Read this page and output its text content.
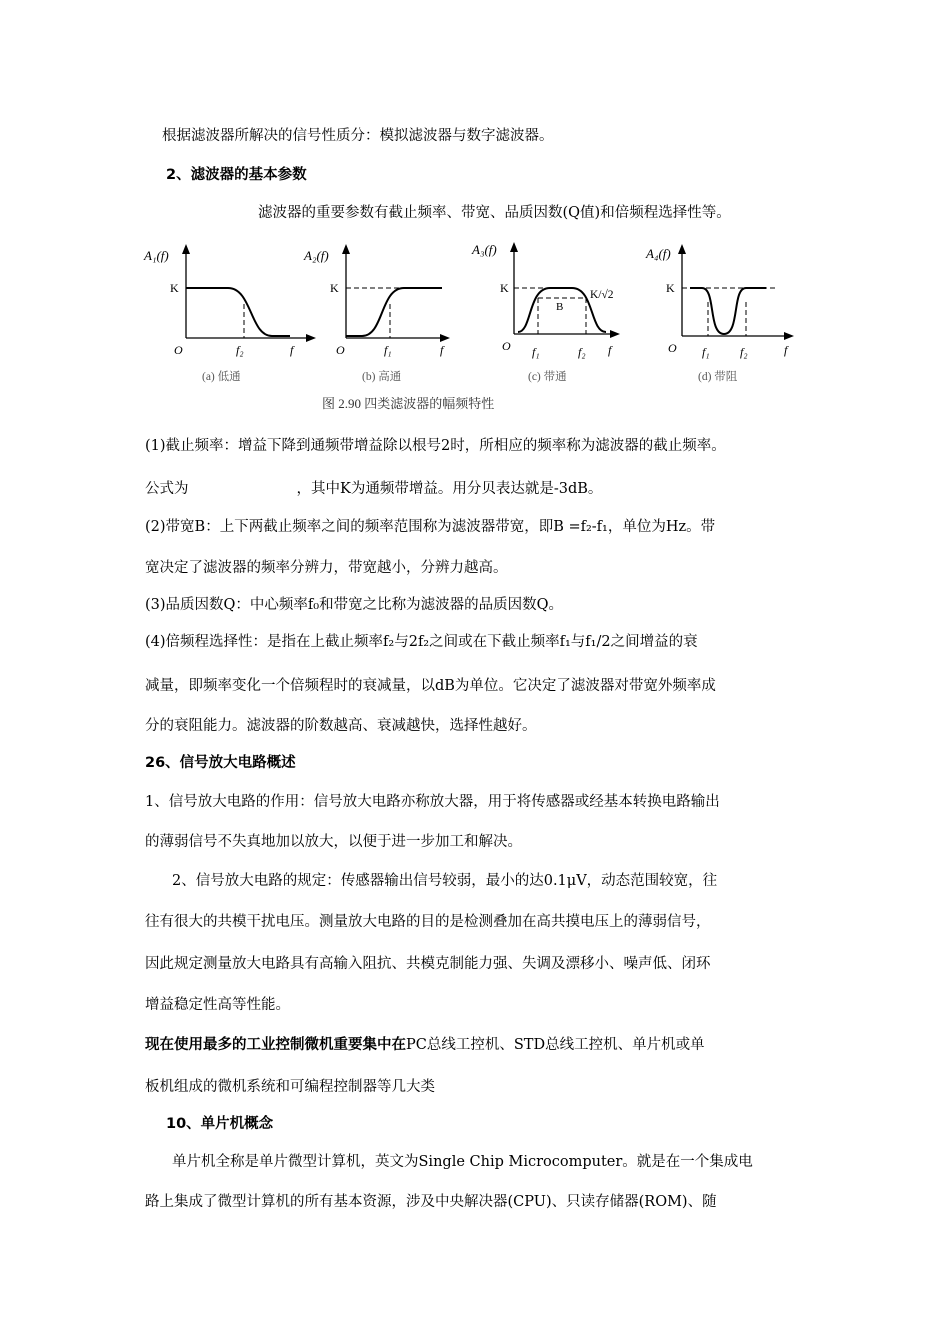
根据滤波器所解决的信号性质分：模拟滤波器与数字滤波器。
2、滤波器的基本参数
滤波器的重要参数有截止频率、带宽、品质因数(Q值)和倍频程选择性等。
A₁(f)
K
O	f₂	f
(a) 低通
A₂(f)
K
O	f₁	f
(b) 高通
A₃(f)
K
B
K/√2
O f₁	f₂ f
(c) 带通
A₄(f)
K
O f₁	f₂	f
(d) 带阻
图 2.90 四类滤波器的幅频特性
(1)截止频率：增益下降到通频带增益除以根号2时，所相应的频率称为滤波器的截止频率。
公式为	，其中K为通频带增益。用分贝表达就是-3dB。
(2)带宽B：上下两截止频率之间的频率范围称为滤波器带宽，即B =f₂-f₁，单位为Hz。带
宽决定了滤波器的频率分辨力，带宽越小，分辨力越高。
(3)品质因数Q：中心频率f₀和带宽之比称为滤波器的品质因数Q。
(4)倍频程选择性：是指在上截止频率f₂与2f₂之间或在下截止频率f₁与f₁/2之间增益的衰
减量，即频率变化一个倍频程时的衰减量，以dB为单位。它决定了滤波器对带宽外频率成
分的衰阻能力。滤波器的阶数越高、衰减越快，选择性越好。
26、信号放大电路概述
1、信号放大电路的作用：信号放大电路亦称放大器，用于将传感器或经基本转换电路输出
的薄弱信号不失真地加以放大，以便于进一步加工和解决。
2、信号放大电路的规定：传感器输出信号较弱，最小的达0.1μV，动态范围较宽，往
往有很大的共模干扰电压。测量放大电路的目的是检测叠加在高共摸电压上的薄弱信号，
因此规定测量放大电路具有高输入阻抗、共模克制能力强、失调及漂移小、噪声低、闭环
增益稳定性高等性能。
现在使用最多的工业控制微机重要集中在PC总线工控机、STD总线工控机、单片机或单
板机组成的微机系统和可编程控制器等几大类
10、单片机概念
单片机全称是单片微型计算机，英文为Single Chip Microcomputer。就是在一个集成电
路上集成了微型计算机的所有基本资源，涉及中央解决器(CPU)、只读存储器(ROM)、随
